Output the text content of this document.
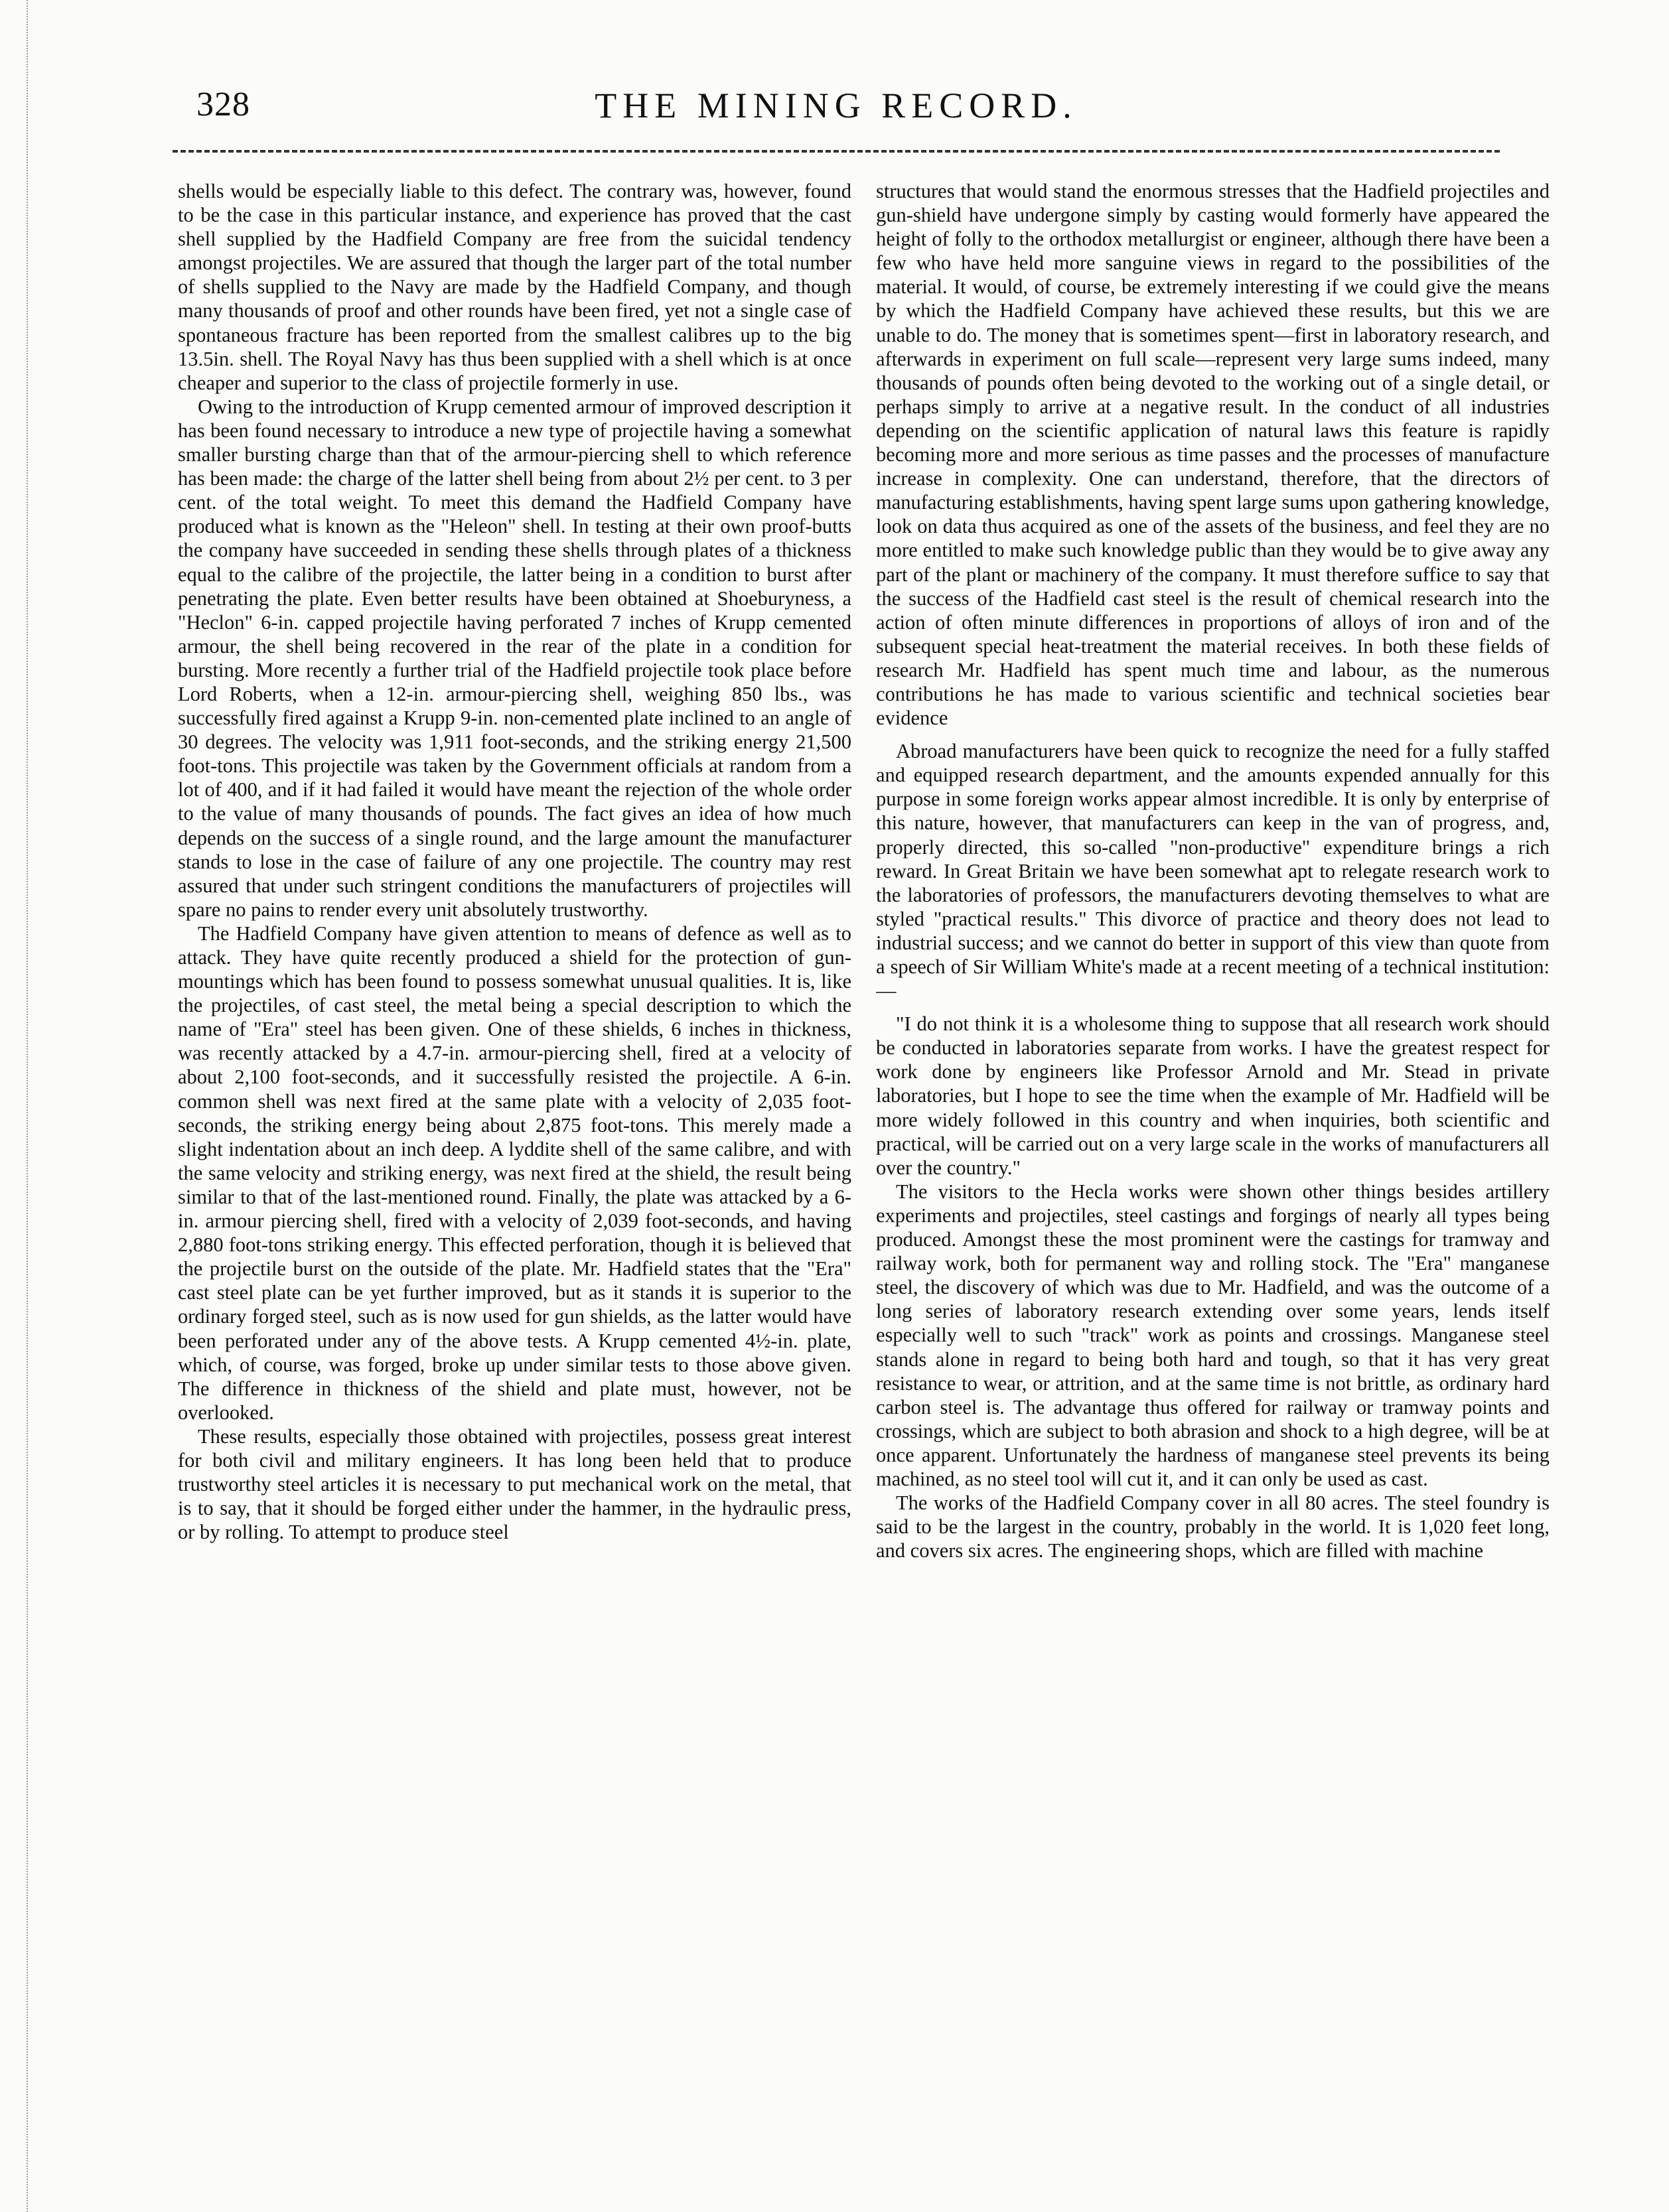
328	THE MINING RECORD.

shells would be especially liable to this defect. The contrary was, however, found to be the case in this particular instance, and experience has proved that the cast shell supplied by the Hadfield Company are free from the suicidal tendency amongst projectiles. We are assured that though the larger part of the total number of shells supplied to the Navy are made by the Hadfield Company, and though many thousands of proof and other rounds have been fired, yet not a single case of spontaneous fracture has been reported from the smallest calibres up to the big 13.5in. shell. The Royal Navy has thus been supplied with a shell which is at once cheaper and superior to the class of projectile formerly in use.

Owing to the introduction of Krupp cemented armour of improved description it has been found necessary to introduce a new type of projectile having a somewhat smaller bursting charge than that of the armour-piercing shell to which reference has been made: the charge of the latter shell being from about 2½ per cent. to 3 per cent. of the total weight. To meet this demand the Hadfield Company have produced what is known as the "Heleon" shell. In testing at their own proof-butts the company have succeeded in sending these shells through plates of a thickness equal to the calibre of the projectile, the latter being in a condition to burst after penetrating the plate. Even better results have been obtained at Shoeburyness, a "Heclon" 6-in. capped projectile having perforated 7 inches of Krupp cemented armour, the shell being recovered in the rear of the plate in a condition for bursting. More recently a further trial of the Hadfield projectile took place before Lord Roberts, when a 12-in. armour-piercing shell, weighing 850 lbs., was successfully fired against a Krupp 9-in. non-cemented plate inclined to an angle of 30 degrees. The velocity was 1,911 foot-seconds, and the striking energy 21,500 foot-tons. This projectile was taken by the Government officials at random from a lot of 400, and if it had failed it would have meant the rejection of the whole order to the value of many thousands of pounds. The fact gives an idea of how much depends on the success of a single round, and the large amount the manufacturer stands to lose in the case of failure of any one projectile. The country may rest assured that under such stringent conditions the manufacturers of projectiles will spare no pains to render every unit absolutely trustworthy.

The Hadfield Company have given attention to means of defence as well as to attack. They have quite recently produced a shield for the protection of gun-mountings which has been found to possess somewhat unusual qualities. It is, like the projectiles, of cast steel, the metal being a special description to which the name of "Era" steel has been given. One of these shields, 6 inches in thickness, was recently attacked by a 4.7-in. armour-piercing shell, fired at a velocity of about 2,100 foot-seconds, and it successfully resisted the projectile. A 6-in. common shell was next fired at the same plate with a velocity of 2,035 foot-seconds, the striking energy being about 2,875 foot-tons. This merely made a slight indentation about an inch deep. A lyddite shell of the same calibre, and with the same velocity and striking energy, was next fired at the shield, the result being similar to that of the last-mentioned round. Finally, the plate was attacked by a 6-in. armour piercing shell, fired with a velocity of 2,039 foot-seconds, and having 2,880 foot-tons striking energy. This effected perforation, though it is believed that the projectile burst on the outside of the plate. Mr. Hadfield states that the "Era" cast steel plate can be yet further improved, but as it stands it is superior to the ordinary forged steel, such as is now used for gun shields, as the latter would have been perforated under any of the above tests. A Krupp cemented 4½-in. plate, which, of course, was forged, broke up under similar tests to those above given. The difference in thickness of the shield and plate must, however, not be overlooked.

These results, especially those obtained with projectiles, possess great interest for both civil and military engineers. It has long been held that to produce trustworthy steel articles it is necessary to put mechanical work on the metal, that is to say, that it should be forged either under the hammer, in the hydraulic press, or by rolling. To attempt to produce steel

structures that would stand the enormous stresses that the Hadfield projectiles and gun-shield have undergone simply by casting would formerly have appeared the height of folly to the orthodox metallurgist or engineer, although there have been a few who have held more sanguine views in regard to the possibilities of the material. It would, of course, be extremely interesting if we could give the means by which the Hadfield Company have achieved these results, but this we are unable to do. The money that is sometimes spent—first in laboratory research, and afterwards in experiment on full scale—represent very large sums indeed, many thousands of pounds often being devoted to the working out of a single detail, or perhaps simply to arrive at a negative result. In the conduct of all industries depending on the scientific application of natural laws this feature is rapidly becoming more and more serious as time passes and the processes of manufacture increase in complexity. One can understand, therefore, that the directors of manufacturing establishments, having spent large sums upon gathering knowledge, look on data thus acquired as one of the assets of the business, and feel they are no more entitled to make such knowledge public than they would be to give away any part of the plant or machinery of the company. It must therefore suffice to say that the success of the Hadfield cast steel is the result of chemical research into the action of often minute differences in proportions of alloys of iron and of the subsequent special heat-treatment the material receives. In both these fields of research Mr. Hadfield has spent much time and labour, as the numerous contributions he has made to various scientific and technical societies bear evidence

Abroad manufacturers have been quick to recognize the need for a fully staffed and equipped research department, and the amounts expended annually for this purpose in some foreign works appear almost incredible. It is only by enterprise of this nature, however, that manufacturers can keep in the van of progress, and, properly directed, this so-called "non-productive" expenditure brings a rich reward. In Great Britain we have been somewhat apt to relegate research work to the laboratories of professors, the manufacturers devoting themselves to what are styled "practical results." This divorce of practice and theory does not lead to industrial success; and we cannot do better in support of this view than quote from a speech of Sir William White's made at a recent meeting of a technical institution:—

"I do not think it is a wholesome thing to suppose that all research work should be conducted in laboratories separate from works. I have the greatest respect for work done by engineers like Professor Arnold and Mr. Stead in private laboratories, but I hope to see the time when the example of Mr. Hadfield will be more widely followed in this country and when inquiries, both scientific and practical, will be carried out on a very large scale in the works of manufacturers all over the country."

The visitors to the Hecla works were shown other things besides artillery experiments and projectiles, steel castings and forgings of nearly all types being produced. Amongst these the most prominent were the castings for tramway and railway work, both for permanent way and rolling stock. The "Era" manganese steel, the discovery of which was due to Mr. Hadfield, and was the outcome of a long series of laboratory research extending over some years, lends itself especially well to such "track" work as points and crossings. Manganese steel stands alone in regard to being both hard and tough, so that it has very great resistance to wear, or attrition, and at the same time is not brittle, as ordinary hard carbon steel is. The advantage thus offered for railway or tramway points and crossings, which are subject to both abrasion and shock to a high degree, will be at once apparent. Unfortunately the hardness of manganese steel prevents its being machined, as no steel tool will cut it, and it can only be used as cast.

The works of the Hadfield Company cover in all 80 acres. The steel foundry is said to be the largest in the country, probably in the world. It is 1,020 feet long, and covers six acres. The engineering shops, which are filled with machine
